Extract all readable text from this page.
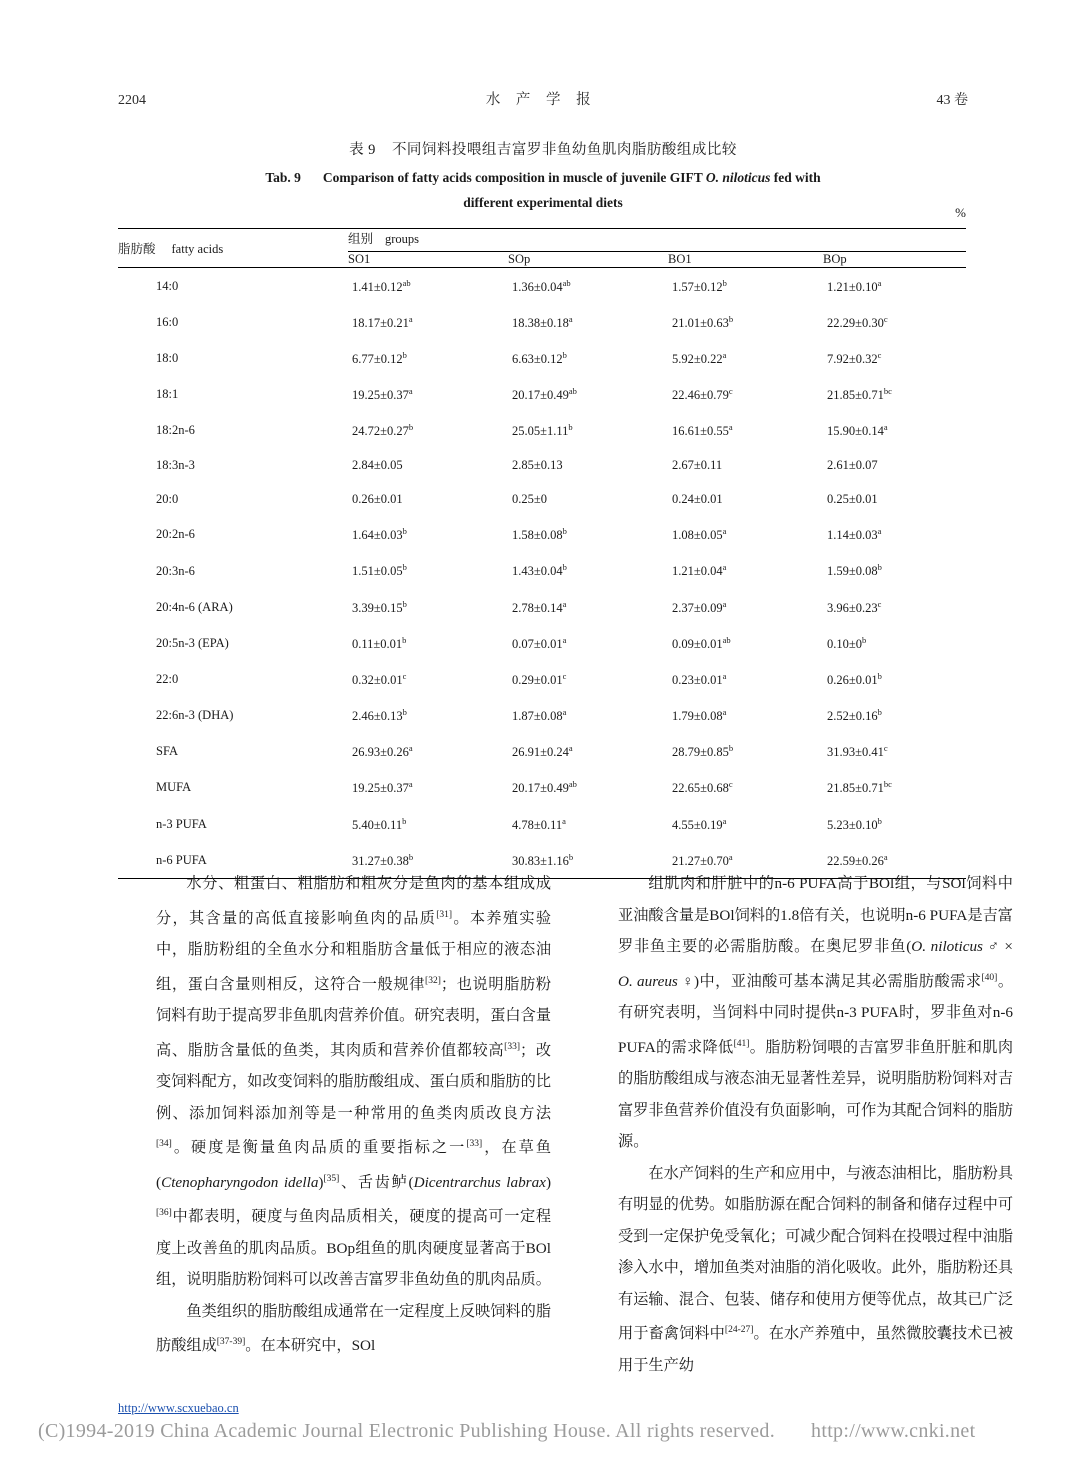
2204	水 产 学 报	43 卷
表 9 不同饲料投喂组吉富罗非鱼幼鱼肌肉脂肪酸组成比较
Tab. 9 Comparison of fatty acids composition in muscle of juvenile GIFT O. niloticus fed with
different experimental diets
%

脂肪酸 fatty acids	组别 groups			
	SO1	SOp	BO1	BOp

14:0	1.41±0.12$^{ab}$	1.36±0.04$^{ab}$	1.57±0.12$^b$	1.21±0.10$^a$
16:0	18.17±0.21$^a$	18.38±0.18$^a$	21.01±0.63$^b$	22.29±0.30$^c$
18:0	6.77±0.12$^b$	6.63±0.12$^b$	5.92±0.22$^a$	7.92±0.32$^c$
18:1	19.25±0.37$^a$	20.17±0.49$^{ab}$	22.46±0.79$^c$	21.85±0.71$^{bc}$
18:2n-6	24.72±0.27$^b$	25.05±1.11$^b$	16.61±0.55$^a$	15.90±0.14$^a$
18:3n-3	2.84±0.05	2.85±0.13	2.67±0.11	2.61±0.07
20:0	0.26±0.01	0.25±0	0.24±0.01	0.25±0.01
20:2n-6	1.64±0.03$^b$	1.58±0.08$^b$	1.08±0.05$^a$	1.14±0.03$^a$
20:3n-6	1.51±0.05$^b$	1.43±0.04$^b$	1.21±0.04$^a$	1.59±0.08$^b$
20:4n-6 (ARA)	3.39±0.15$^b$	2.78±0.14$^a$	2.37±0.09$^a$	3.96±0.23$^c$
20:5n-3 (EPA)	0.11±0.01$^b$	0.07±0.01$^a$	0.09±0.01$^{ab}$	$0.10\pm 0^b$
22:0	0.32±0.01$^c$	0.29±0.01$^c$	0.23±0.01$^a$	0.26±0.01$^b$
22:6n-3 (DHA)	2.46±0.13$^b$	1.87±0.08$^a$	1.79±0.08$^a$	2.52±0.16$^b$
SFA	26.93±0.26$^a$	26.91±0.24$^a$	28.79±0.85$^b$	31.93±0.41$^c$
MUFA	19.25±0.37$^a$	20.17±0.49$^{ab}$	22.65±0.68$^c$	21.85±0.71$^{bc}$
n-3 PUFA	5.40±0.11$^b$	4.78±0.11$^a$	4.55±0.19$^a$	5.23±0.10$^b$
n-6 PUFA	31.27±0.38$^b$	30.83±1.16$^b$	21.27±0.70$^a$	22.59±0.26$^a$

水分、粗蛋白、粗脂肪和粗灰分是鱼肉的基本组成成分，其含量的高低直接影响鱼肉的品质[31]。本养殖实验中，脂肪粉组的全鱼水分和粗脂肪含量低于相应的液态油组，蛋白含量则相反，这符合一般规律[32]；也说明脂肪粉饲料有助于提高罗非鱼肌肉营养价值。研究表明，蛋白含量高、脂肪含量低的鱼类，其肉质和营养价值都较高[33]；改变饲料配方，如改变饲料的脂肪酸组成、蛋白质和脂肪的比例、添加饲料添加剂等是一种常用的鱼类肉质改良方法[34]。硬度是衡量鱼肉品质的重要指标之一[33]，在草鱼(Ctenopharyngodon idella)[35]、舌齿鲈(Dicentrarchus labrax)[36]中都表明，硬度与鱼肉品质相关，硬度的提高可一定程度上改善鱼的肌肉品质。BOp组鱼的肌肉硬度显著高于BOl组，说明脂肪粉饲料可以改善吉富罗非鱼幼鱼的肌肉品质。

鱼类组织的脂肪酸组成通常在一定程度上反映饲料的脂肪酸组成[37-39]。在本研究中，SOl

组肌肉和肝脏中的n-6 PUFA高于BOl组，与SOl饲料中亚油酸含量是BOl饲料的1.8倍有关，也说明n-6 PUFA是吉富罗非鱼主要的必需脂肪酸。在奥尼罗非鱼(O. niloticus ♂ × O. aureus ♀)中，亚油酸可基本满足其必需脂肪酸需求[40]。有研究表明，当饲料中同时提供n-3 PUFA时，罗非鱼对n-6 PUFA的需求降低[41]。脂肪粉饲喂的吉富罗非鱼肝脏和肌肉的脂肪酸组成与液态油无显著性差异，说明脂肪粉饲料对吉富罗非鱼营养价值没有负面影响，可作为其配合饲料的脂肪源。

在水产饲料的生产和应用中，与液态油相比，脂肪粉具有明显的优势。如脂肪源在配合饲料的制备和储存过程中可受到一定保护免受氧化；可减少配合饲料在投喂过程中油脂渗入水中，增加鱼类对油脂的消化吸收。此外，脂肪粉还具有运输、混合、包装、储存和使用方便等优点，故其已广泛用于畜禽饲料中[24-27]。在水产养殖中，虽然微胶囊技术已被用于生产幼

http://www.scxuebao.cn
(C)1994-2019 China Academic Journal Electronic Publishing House. All rights reserved. http://www.cnki.net
